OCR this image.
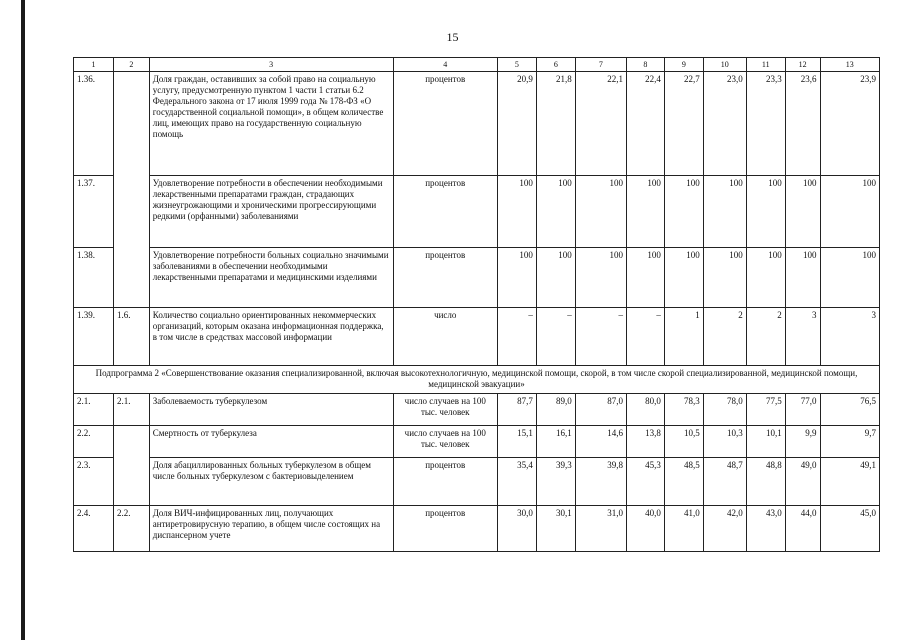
15
1	2	3	4	5	6	7	8	9	10	11	12	13
1.36.		Доля граждан, оставивших за собой право на социальную услугу, предусмотренную пунктом 1 части 1 статьи 6.2 Федерального закона от 17 июля 1999 года № 178-ФЗ «О государственной социальной помощи», в общем количестве лиц, имеющих право на государственную социальную помощь	процентов	20,9	21,8	22,1	22,4	22,7	23,0	23,3	23,6	23,9
1.37.		Удовлетворение потребности в обеспечении необходимыми лекарственными препаратами граждан, страдающих жизнеугрожающими и хроническими прогрессирующими редкими (орфанными) заболеваниями	процентов	100	100	100	100	100	100	100	100	100
1.38.		Удовлетворение потребности больных социально значимыми заболеваниями в обеспечении необходимыми лекарственными препаратами и медицинскими изделиями	процентов	100	100	100	100	100	100	100	100	100
1.39.	1.6.	Количество социально ориентированных некоммерческих организаций, которым оказана информационная поддержка, в том числе в средствах массовой информации	число	–	–	–	–	1	2	2	3	3
Подпрограмма 2 «Совершенствование оказания специализированной, включая высокотехнологичную, медицинской помощи, скорой, в том числе скорой специализированной, медицинской помощи, медицинской эвакуации»												
2.1.	2.1.	Заболеваемость туберкулезом	число случаев на 100 тыс. человек	87,7	89,0	87,0	80,0	78,3	78,0	77,5	77,0	76,5
2.2.		Смертность от туберкулеза	число случаев на 100 тыс. человек	15,1	16,1	14,6	13,8	10,5	10,3	10,1	9,9	9,7
2.3.		Доля абациллированных больных туберкулезом в общем числе больных туберкулезом с бактериовыделением	процентов	35,4	39,3	39,8	45,3	48,5	48,7	48,8	49,0	49,1
2.4.	2.2.	Доля ВИЧ-инфицированных лиц, получающих антиретровирусную терапию, в общем числе состоящих на диспансерном учете	процентов	30,0	30,1	31,0	40,0	41,0	42,0	43,0	44,0	45,0
